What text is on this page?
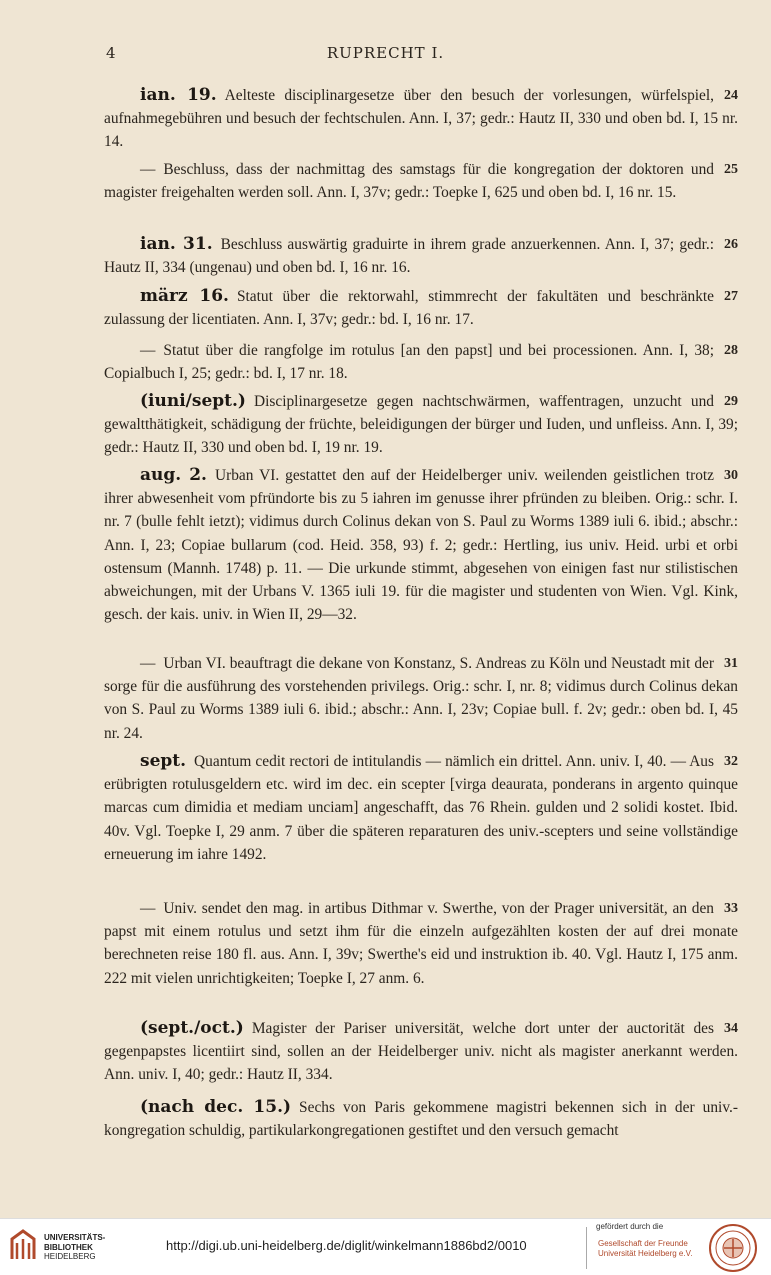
4	RUPRECHT I.
24
ian. 19. Aelteste disciplinargesetze über den besuch der vorlesungen, würfelspiel, aufnahmegebühren und besuch der fechtschulen. Ann. I, 37; gedr.: Hautz II, 330 und oben bd. I, 15 nr. 14.
25
— Beschluss, dass der nachmittag des samstags für die kongregation der doktoren und magister freigehalten werden soll. Ann. I, 37v; gedr.: Toepke I, 625 und oben bd. I, 16 nr. 15.
26
ian. 31. Beschluss auswärtig graduirte in ihrem grade anzuerkennen. Ann. I, 37; gedr.: Hautz II, 334 (ungenau) und oben bd. I, 16 nr. 16.
27
märz 16. Statut über die rektorwahl, stimmrecht der fakultäten und beschränkte zulassung der licentiaten. Ann. I, 37v; gedr.: bd. I, 16 nr. 17.
28
— Statut über die rangfolge im rotulus [an den papst] und bei processionen. Ann. I, 38; Copialbuch I, 25; gedr.: bd. I, 17 nr. 18.
29
(iuni/sept.) Disciplinargesetze gegen nachtschwärmen, waffentragen, unzucht und gewaltthätigkeit, schädigung der früchte, beleidigungen der bürger und Iuden, und unfleiss. Ann. I, 39; gedr.: Hautz II, 330 und oben bd. I, 19 nr. 19.
30
aug. 2. Urban VI. gestattet den auf der Heidelberger univ. weilenden geistlichen trotz ihrer abwesenheit vom pfründorte bis zu 5 iahren im genusse ihrer pfründen zu bleiben. Orig.: schr. I. nr. 7 (bulle fehlt ietzt); vidimus durch Colinus dekan von S. Paul zu Worms 1389 iuli 6. ibid.; abschr.: Ann. I, 23; Copiae bullarum (cod. Heid. 358, 93) f. 2; gedr.: Hertling, ius univ. Heid. urbi et orbi ostensum (Mannh. 1748) p. 11. — Die urkunde stimmt, abgesehen von einigen fast nur stilistischen abweichungen, mit der Urbans V. 1365 iuli 19. für die magister und studenten von Wien. Vgl. Kink, gesch. der kais. univ. in Wien II, 29—32.
31
— Urban VI. beauftragt die dekane von Konstanz, S. Andreas zu Köln und Neustadt mit der sorge für die ausführung des vorstehenden privilegs. Orig.: schr. I, nr. 8; vidimus durch Colinus dekan von S. Paul zu Worms 1389 iuli 6. ibid.; abschr.: Ann. I, 23v; Copiae bull. f. 2v; gedr.: oben bd. I, 45 nr. 24.
32
sept. Quantum cedit rectori de intitulandis — nämlich ein drittel. Ann. univ. I, 40. — Aus erübrigten rotulusgeldern etc. wird im dec. ein scepter [virga deaurata, ponderans in argento quinque marcas cum dimidia et mediam unciam] angeschafft, das 76 Rhein. gulden und 2 solidi kostet. Ibid. 40v. Vgl. Toepke I, 29 anm. 7 über die späteren reparaturen des univ.-scepters und seine vollständige erneuerung im iahre 1492.
33
— Univ. sendet den mag. in artibus Dithmar v. Swerthe, von der Prager universität, an den papst mit einem rotulus und setzt ihm für die einzeln aufgezählten kosten der auf drei monate berechneten reise 180 fl. aus. Ann. I, 39v; Swerthe's eid und instruktion ib. 40. Vgl. Hautz I, 175 anm. 222 mit vielen unrichtigkeiten; Toepke I, 27 anm. 6.
34
(sept./oct.) Magister der Pariser universität, welche dort unter der auctorität des gegenpapstes licentiirt sind, sollen an der Heidelberger univ. nicht als magister anerkannt werden. Ann. univ. I, 40; gedr.: Hautz II, 334.
(nach dec. 15.) Sechs von Paris gekommene magistri bekennen sich in der univ.-kongregation schuldig, partikularkongregationen gestiftet und den versuch gemacht
UNIVERSITÄTS-
BIBLIOTHEK
HEIDELBERG
http://digi.ub.uni-heidelberg.de/diglit/winkelmann1886bd2/0010
gefördert durch die
Gesellschaft der Freunde
Universität Heidelberg e.V.
